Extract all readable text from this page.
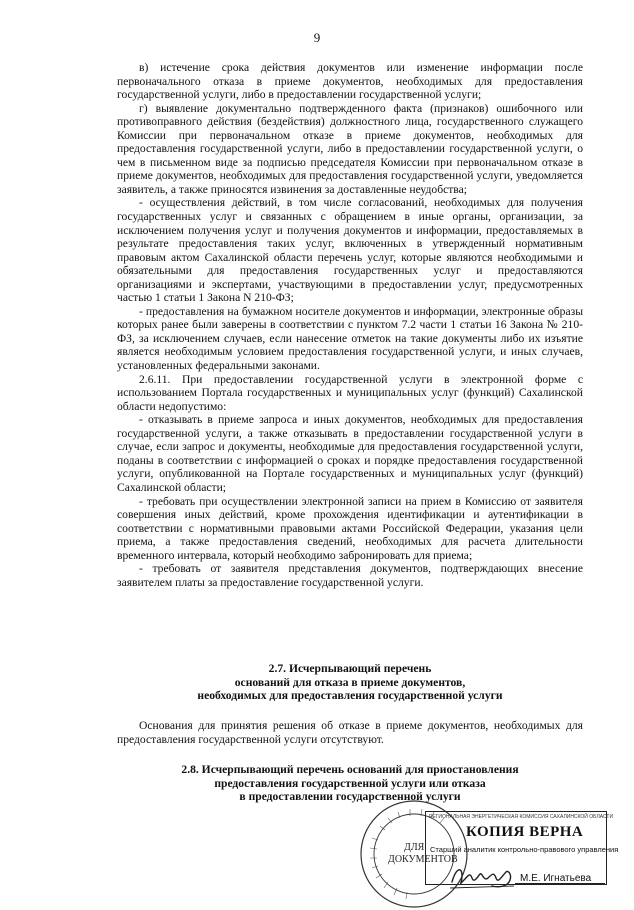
9

в) истечение срока действия документов или изменение информации после первоначального отказа в приеме документов, необходимых для предоставления государственной услуги, либо в предоставлении государственной услуги;

г) выявление документально подтвержденного факта (признаков) ошибочного или противоправного действия (бездействия) должностного лица, государственного служащего Комиссии при первоначальном отказе в приеме документов, необходимых для предоставления государственной услуги, либо в предоставлении государственной услуги, о чем в письменном виде за подписью председателя Комиссии при первоначальном отказе в приеме документов, необходимых для предоставления государственной услуги, уведомляется заявитель, а также приносятся извинения за доставленные неудобства;

- осуществления действий, в том числе согласований, необходимых для получения государственных услуг и связанных с обращением в иные органы, организации, за исключением получения услуг и получения документов и информации, предоставляемых в результате предоставления таких услуг, включенных в утвержденный нормативным правовым актом Сахалинской области перечень услуг, которые являются необходимыми и обязательными для предоставления государственных услуг и предоставляются организациями и экспертами, участвующими в предоставлении услуг, предусмотренных частью 1 статьи 1 Закона N 210-ФЗ;

- предоставления на бумажном носителе документов и информации, электронные образы которых ранее были заверены в соответствии с пунктом 7.2 части 1 статьи 16 Закона № 210-ФЗ, за исключением случаев, если нанесение отметок на такие документы либо их изъятие является необходимым условием предоставления государственной услуги, и иных случаев, установленных федеральными законами.

2.6.11. При предоставлении государственной услуги в электронной форме с использованием Портала государственных и муниципальных услуг (функций) Сахалинской области недопустимо:

- отказывать в приеме запроса и иных документов, необходимых для предоставления государственной услуги, а также отказывать в предоставлении государственной услуги в случае, если запрос и документы, необходимые для предоставления государственной услуги, поданы в соответствии с информацией о сроках и порядке предоставления государственной услуги, опубликованной на Портале государственных и муниципальных услуг (функций) Сахалинской области;

- требовать при осуществлении электронной записи на прием в Комиссию от заявителя совершения иных действий, кроме прохождения идентификации и аутентификации в соответствии с нормативными правовыми актами Российской Федерации, указания цели приема, а также предоставления сведений, необходимых для расчета длительности временного интервала, который необходимо забронировать для приема;

- требовать от заявителя представления документов, подтверждающих внесение заявителем платы за предоставление государственной услуги.

2.7. Исчерпывающий перечень
оснований для отказа в приеме документов,
необходимых для предоставления государственной услуги

Основания для принятия решения об отказе в приеме документов, необходимых для предоставления государственной услуги отсутствуют.

2.8. Исчерпывающий перечень оснований для приостановления
предоставления государственной услуги или отказа
в предоставлении государственной услуги
ДЛЯ
ДОКУМЕНТОВ
РЕГИОНАЛЬНАЯ ЭНЕРГЕТИЧЕСКАЯ КОМИССИЯ САХАЛИНСКОЙ ОБЛАСТИ
КОПИЯ ВЕРНА
Старший аналитик контрольно-правового управления
М.Е. Игнатьева
